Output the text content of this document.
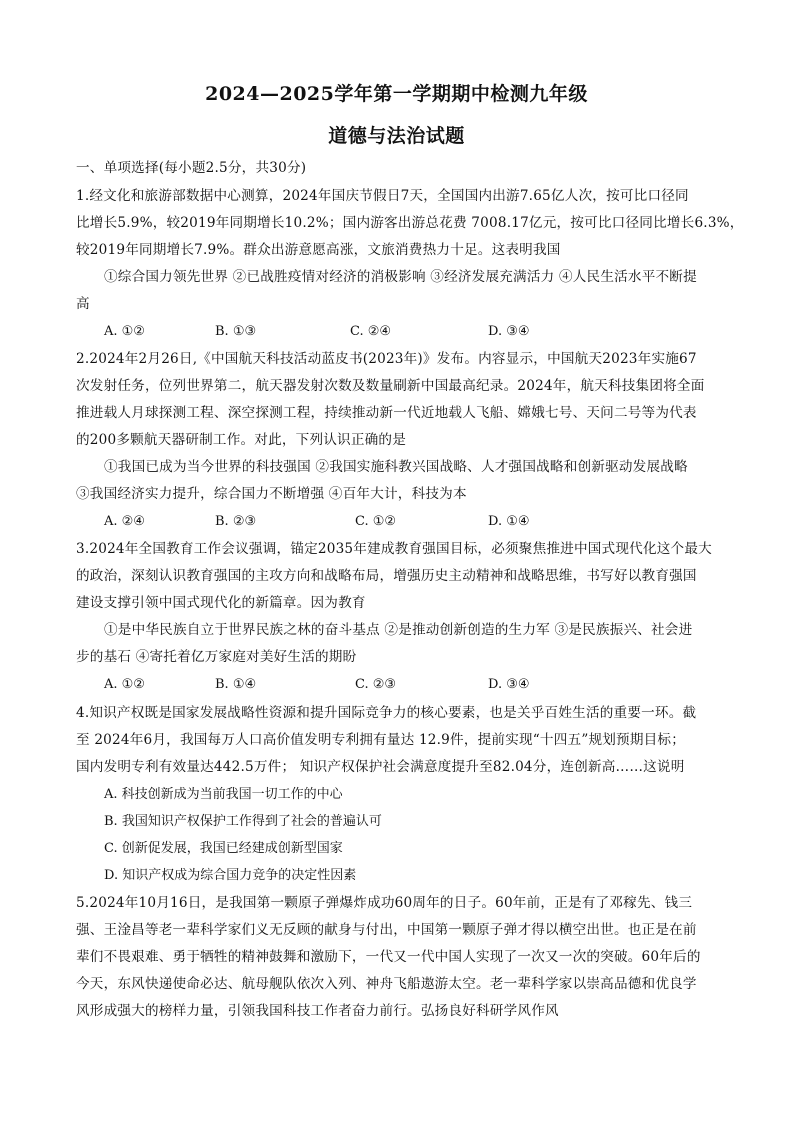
2024—2025学年第一学期期中检测九年级
道德与法治试题
一、单项选择(每小题2.5分，共30分)
1.经文化和旅游部数据中心测算，2024年国庆节假日7天，全国国内出游7.65亿人次，按可比口径同
比增长5.9%，较2019年同期增长10.2%；国内游客出游总花费 7008.17亿元，按可比口径同比增长6.3%，
较2019年同期增长7.9%。群众出游意愿高涨，文旅消费热力十足。这表明我国
①综合国力领先世界 ②已战胜疫情对经济的消极影响 ③经济发展充满活力 ④人民生活水平不断提
高
A. ①②	B. ①③	C. ②④	D. ③④
2.2024年2月26日,《中国航天科技活动蓝皮书(2023年)》发布。内容显示，中国航天2023年实施67
次发射任务，位列世界第二，航天器发射次数及数量刷新中国最高纪录。2024年，航天科技集团将全面
推进载人月球探测工程、深空探测工程，持续推动新一代近地载人飞船、嫦娥七号、天问二号等为代表
的200多颗航天器研制工作。对此，下列认识正确的是
①我国已成为当今世界的科技强国 ②我国实施科教兴国战略、人才强国战略和创新驱动发展战略
③我国经济实力提升，综合国力不断增强 ④百年大计，科技为本
A. ②④	B. ②③	C. ①②	D. ①④
3.2024年全国教育工作会议强调，锚定2035年建成教育强国目标，必须聚焦推进中国式现代化这个最大
的政治，深刻认识教育强国的主攻方向和战略布局，增强历史主动精神和战略思维，书写好以教育强国
建设支撑引领中国式现代化的新篇章。因为教育
①是中华民族自立于世界民族之林的奋斗基点 ②是推动创新创造的生力军 ③是民族振兴、社会进
步的基石 ④寄托着亿万家庭对美好生活的期盼
A. ①②	B. ①④	C. ②③	D. ③④
4.知识产权既是国家发展战略性资源和提升国际竞争力的核心要素，也是关乎百姓生活的重要一环。截
至 2024年6月，我国每万人口高价值发明专利拥有量达 12.9件，提前实现“十四五”规划预期目标；
国内发明专利有效量达442.5万件； 知识产权保护社会满意度提升至82.04分，连创新高……这说明
A. 科技创新成为当前我国一切工作的中心
B. 我国知识产权保护工作得到了社会的普遍认可
C. 创新促发展，我国已经建成创新型国家
D. 知识产权成为综合国力竞争的决定性因素
5.2024年10月16日，是我国第一颗原子弹爆炸成功60周年的日子。60年前，正是有了邓稼先、钱三
强、王淦昌等老一辈科学家们义无反顾的献身与付出，中国第一颗原子弹才得以横空出世。也正是在前
辈们不畏艰难、勇于牺牲的精神鼓舞和激励下，一代又一代中国人实现了一次又一次的突破。60年后的
今天，东风快递使命必达、航母舰队依次入列、神舟飞船遨游太空。老一辈科学家以崇高品德和优良学
风形成强大的榜样力量，引领我国科技工作者奋力前行。弘扬良好科研学风作风
